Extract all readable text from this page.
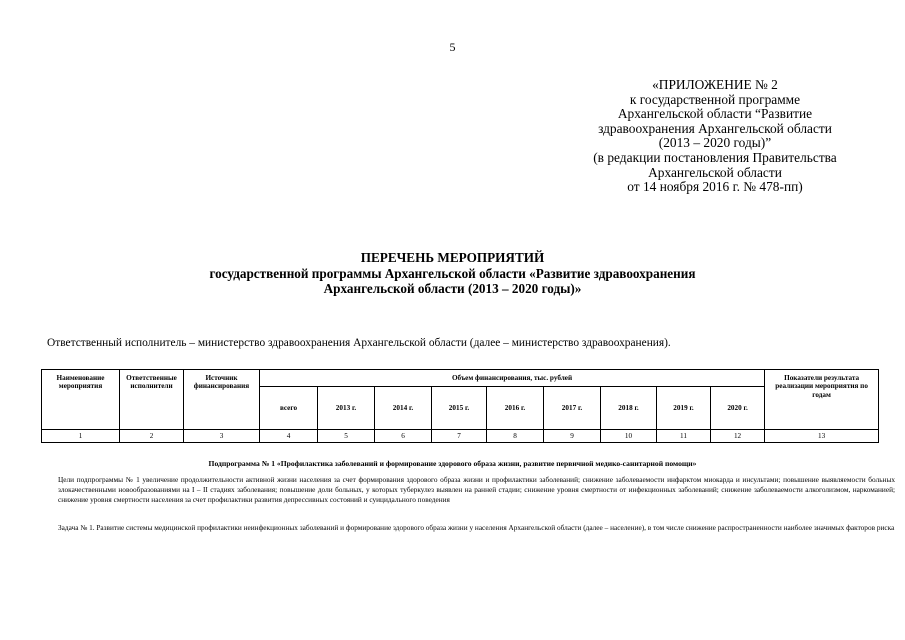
5
«ПРИЛОЖЕНИЕ № 2
к государственной программе
Архангельской области “Развитие
здравоохранения Архангельской области
(2013 – 2020 годы)”
(в редакции постановления Правительства
Архангельской области
от 14 ноября 2016 г. № 478-пп)
ПЕРЕЧЕНЬ МЕРОПРИЯТИЙ
государственной программы Архангельской области «Развитие здравоохранения
Архангельской области (2013 – 2020 годы)»
Ответственный исполнитель – министерство здравоохранения Архангельской области (далее – министерство здравоохранения).
Наименование мероприятия	Ответственные исполнители	Источник финансирования	Объем финансирования, тыс. рублей									Показатели результата реализации мероприятия по годам
			всего	2013 г.	2014 г.	2015 г.	2016 г.	2017 г.	2018 г.	2019 г.	2020 г.	
1	2	3	4	5	6	7	8	9	10	11	12	13
Подпрограмма № 1 «Профилактика заболеваний и формирование здорового образа жизни, развитие первичной медико-санитарной помощи»
Цели подпрограммы № 1 увеличение продолжительности активной жизни населения за счет формирования здорового образа жизни и профилактики заболеваний; снижение заболеваемости инфарктом миокарда и инсультами; повышение выявляемости больных злокачественными новообразованиями на I – II стадиях заболевания; повышение доли больных, у которых туберкулез выявлен на ранней стадии; снижение уровня смертности от инфекционных заболеваний; снижение заболеваемости алкоголизмом, наркоманией; снижение уровня смертности населения за счет профилактики развития депрессивных состояний и суицидального поведения
Задача № 1. Развитие системы медицинской профилактики неинфекционных заболеваний и формирование здорового образа жизни у населения Архангельской области (далее – население), в том числе снижение распространенности наиболее значимых факторов риска
